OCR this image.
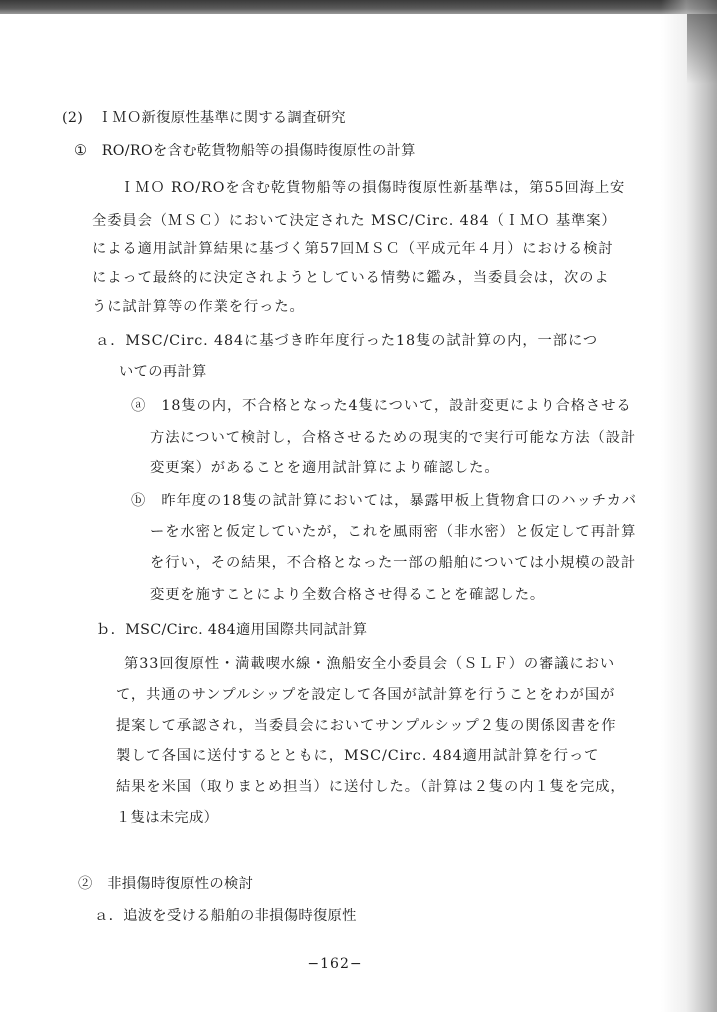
(2)　ＩＭＯ新復原性基準に関する調査研究
①　RO/ROを含む乾貨物船等の損傷時復原性の計算
ＩＭＯ RO/ROを含む乾貨物船等の損傷時復原性新基準は，第55回海上安
全委員会（ＭＳＣ）において決定された MSC/Circ. 484（ＩＭＯ 基準案）
による適用試計算結果に基づく第57回ＭＳＣ（平成元年４月）における検討
によって最終的に決定されようとしている情勢に鑑み，当委員会は，次のよ
うに試計算等の作業を行った。
ａ．MSC/Circ. 484に基づき昨年度行った18隻の試計算の内，一部につ
いての再計算
ⓐ　18隻の内，不合格となった4隻について，設計変更により合格させる
方法について検討し，合格させるための現実的で実行可能な方法（設計
変更案）があることを適用試計算により確認した。
ⓑ　昨年度の18隻の試計算においては，暴露甲板上貨物倉口のハッチカバ
ーを水密と仮定していたが，これを風雨密（非水密）と仮定して再計算
を行い，その結果，不合格となった一部の船舶については小規模の設計
変更を施すことにより全数合格させ得ることを確認した。
ｂ．MSC/Circ. 484適用国際共同試計算
第33回復原性・満載喫水線・漁船安全小委員会（ＳＬＦ）の審議におい
て，共通のサンプルシップを設定して各国が試計算を行うことをわが国が
提案して承認され，当委員会においてサンプルシップ２隻の関係図書を作
製して各国に送付するとともに，MSC/Circ. 484適用試計算を行って
結果を米国（取りまとめ担当）に送付した。（計算は２隻の内１隻を完成，
１隻は未完成）
②　非損傷時復原性の検討
ａ．追波を受ける船舶の非損傷時復原性
−162−
